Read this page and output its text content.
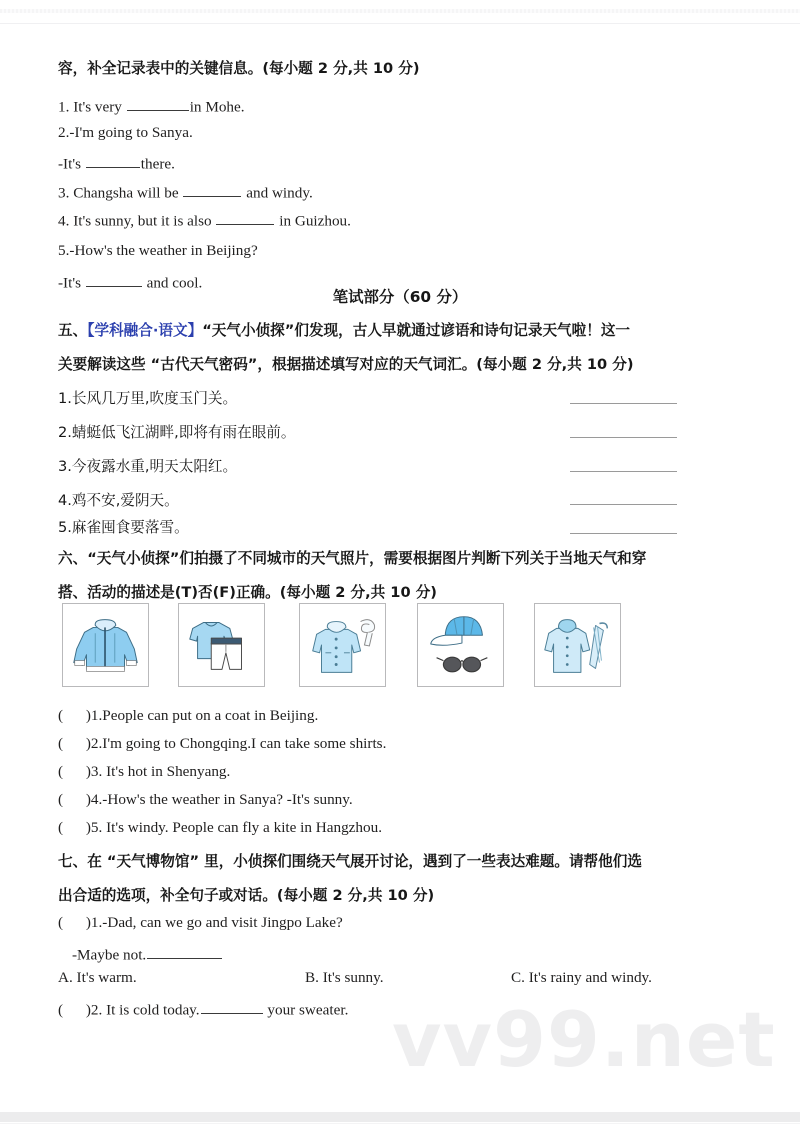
容，补全记录表中的关键信息。(每小题 2 分,共 10 分)
1. It's very	in Mohe.
2.-I'm going to Sanya.
-It's	there.
3. Changsha will be	and windy.
4. It's sunny, but it is also	in Guizhou.
5.-How's the weather in Beijing?
-It's	and cool.
笔试部分（60 分）
五、【学科融合·语文】“天气小侦探”们发现，古人早就通过谚语和诗句记录天气啦！这一
关要解读这些 “古代天气密码”，根据描述填写对应的天气词汇。(每小题 2 分,共 10 分)
1.长风几万里,吹度玉门关。
2.蜻蜓低飞江湖畔,即将有雨在眼前。
3.今夜露水重,明天太阳红。
4.鸡不安,爱阴天。
5.麻雀囤食要落雪。
六、“天气小侦探”们拍摄了不同城市的天气照片，需要根据图片判断下列关于当地天气和穿
搭、活动的描述是(T)否(F)正确。(每小题 2 分,共 10 分)
(      )1.People can put on a coat in Beijing.
(      )2.I'm going to Chongqing.I can take some shirts.
(      )3. It's hot in Shenyang.
(      )4.-How's the weather in Sanya? -It's sunny.
(      )5. It's windy. People can fly a kite in Hangzhou.
七、在 “天气博物馆” 里，小侦探们围绕天气展开讨论，遇到了一些表达难题。请帮他们选
出合适的选项，补全句子或对话。(每小题 2 分,共 10 分)
(      )1.-Dad, can we go and visit Jingpo Lake?
-Maybe not.
A. It's warm.	B. It's sunny.	C. It's rainy and windy.
(      )2. It is cold today.	your sweater. vv99.net
